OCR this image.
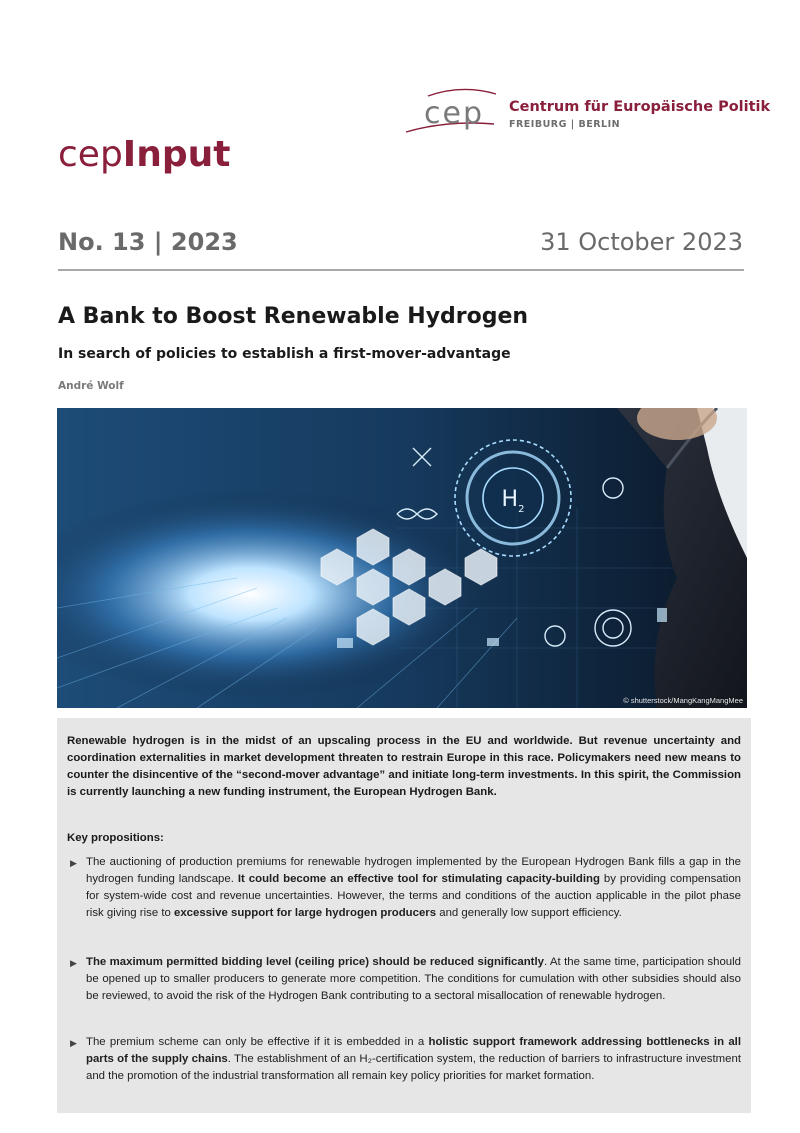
cep Centrum für Europäische Politik
FREIBURG | BERLIN
cepInput
No. 13 | 2023	31 October 2023
A Bank to Boost Renewable Hydrogen
In search of policies to establish a first-mover-advantage
André Wolf
$H_2$
© shutterstock/MangKangMangMee

Renewable hydrogen is in the midst of an upscaling process in the EU and worldwide. But revenue uncertainty and coordination externalities in market development threaten to restrain Europe in this race. Policymakers need new means to counter the disincentive of the “second-mover advantage” and initiate long-term investments. In this spirit, the Commission is currently launching a new funding instrument, the European Hydrogen Bank.

Key propositions:
▶ The auctioning of production premiums for renewable hydrogen implemented by the European Hydrogen Bank fills a gap in the hydrogen funding landscape. It could become an effective tool for stimulating capacity-building by providing compensation for system-wide cost and revenue uncertainties. However, the terms and conditions of the auction applicable in the pilot phase risk giving rise to excessive support for large hydrogen producers and generally low support efficiency.

▶ The maximum permitted bidding level (ceiling price) should be reduced significantly. At the same time, participation should be opened up to smaller producers to generate more competition. The conditions for cumulation with other subsidies should also be reviewed, to avoid the risk of the Hydrogen Bank contributing to a sectoral misallocation of renewable hydrogen.

▶ The premium scheme can only be effective if it is embedded in a holistic support framework addressing bottlenecks in all parts of the supply chains. The establishment of an H₂-certification system, the reduction of barriers to infrastructure investment and the promotion of the industrial transformation all remain key policy priorities for market formation.
